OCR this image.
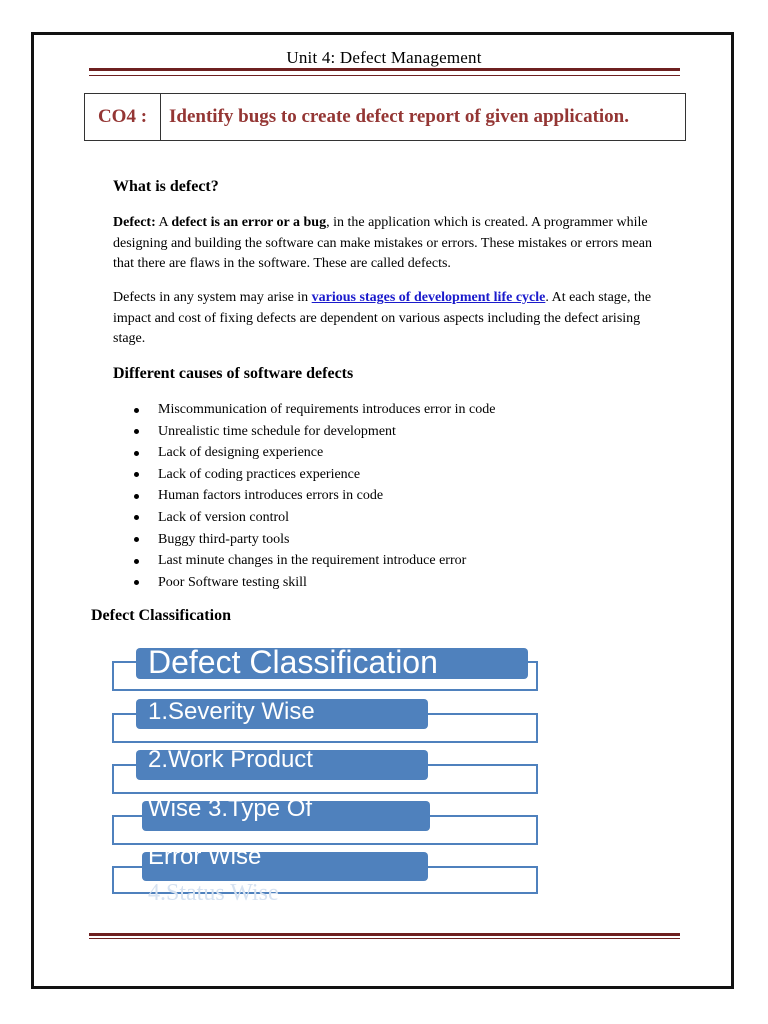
Unit 4: Defect Management
CO4 :	Identify bugs to create defect report of given application.
What is defect?
Defect: A defect is an error or a bug, in the application which is created. A programmer while designing and building the software can make mistakes or errors. These mistakes or errors mean that there are flaws in the software. These are called defects.
Defects in any system may arise in various stages of development life cycle. At each stage, the impact and cost of fixing defects are dependent on various aspects including the defect arising stage.
Different causes of software defects
Miscommunication of requirements introduces error in code
Unrealistic time schedule for development
Lack of designing experience
Lack of coding practices experience
Human factors introduces errors in code
Lack of version control
Buggy third-party tools
Last minute changes in the requirement introduce error
Poor Software testing skill
Defect Classification
Defect Classification
1.Severity Wise
2.Work Product
Wise 3.Type Of
Error Wise
4.Status Wise
